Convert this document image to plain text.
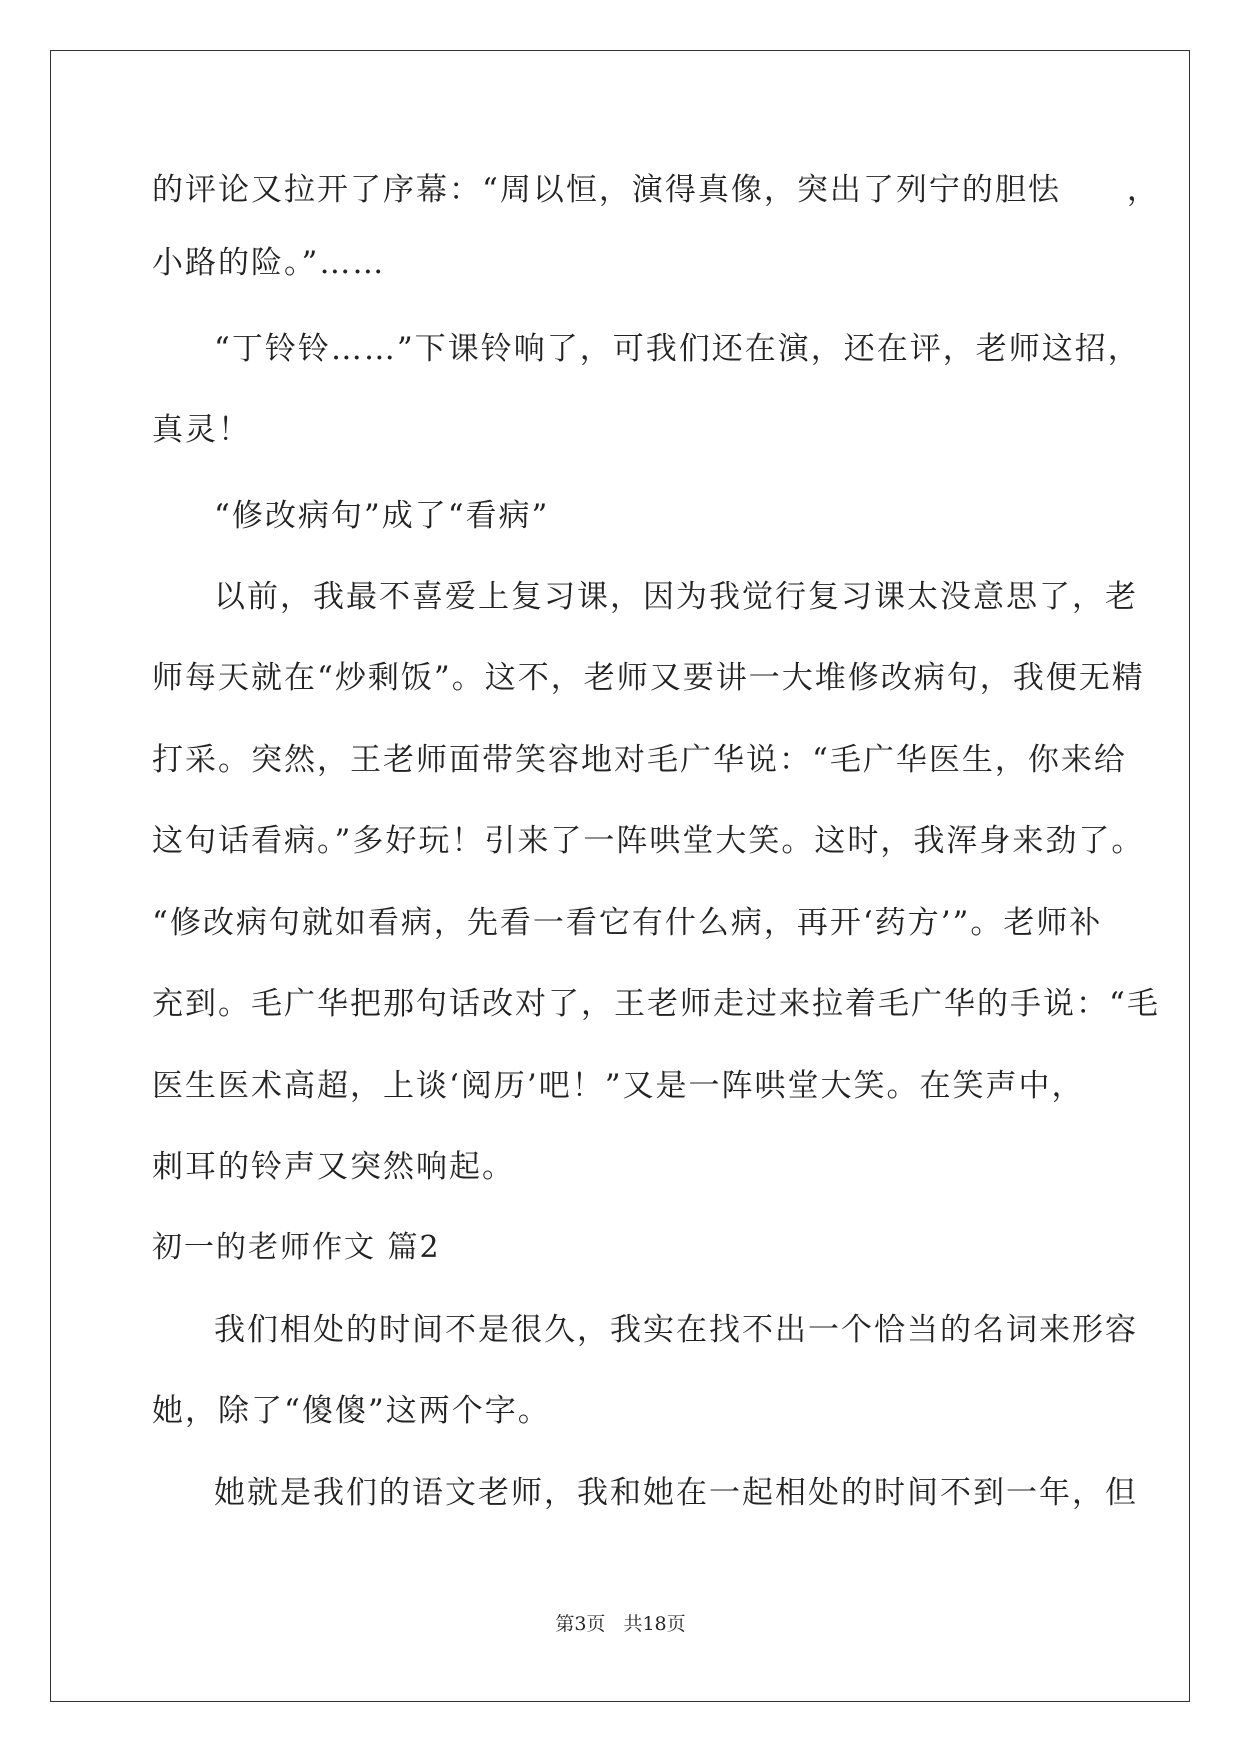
的评论又拉开了序幕：“周以恒，演得真像，突出了列宁的胆怯　　，
小路的险。”……
“丁铃铃……”下课铃响了，可我们还在演，还在评，老师这招，
真灵！
“修改病句”成了“看病”
以前，我最不喜爱上复习课，因为我觉行复习课太没意思了，老
师每天就在“炒剩饭”。这不，老师又要讲一大堆修改病句，我便无精
打采。突然，王老师面带笑容地对毛广华说：“毛广华医生，你来给
这句话看病。”多好玩！引来了一阵哄堂大笑。这时，我浑身来劲了。
“修改病句就如看病，先看一看它有什么病，再开‘药方’”。老师补
充到。毛广华把那句话改对了，王老师走过来拉着毛广华的手说：“毛
医生医术高超，上谈‘阅历’吧！”又是一阵哄堂大笑。在笑声中，
刺耳的铃声又突然响起。
初一的老师作文 篇2
我们相处的时间不是很久，我实在找不出一个恰当的名词来形容
她，除了“傻傻”这两个字。
她就是我们的语文老师，我和她在一起相处的时间不到一年，但
第3页 共18页
